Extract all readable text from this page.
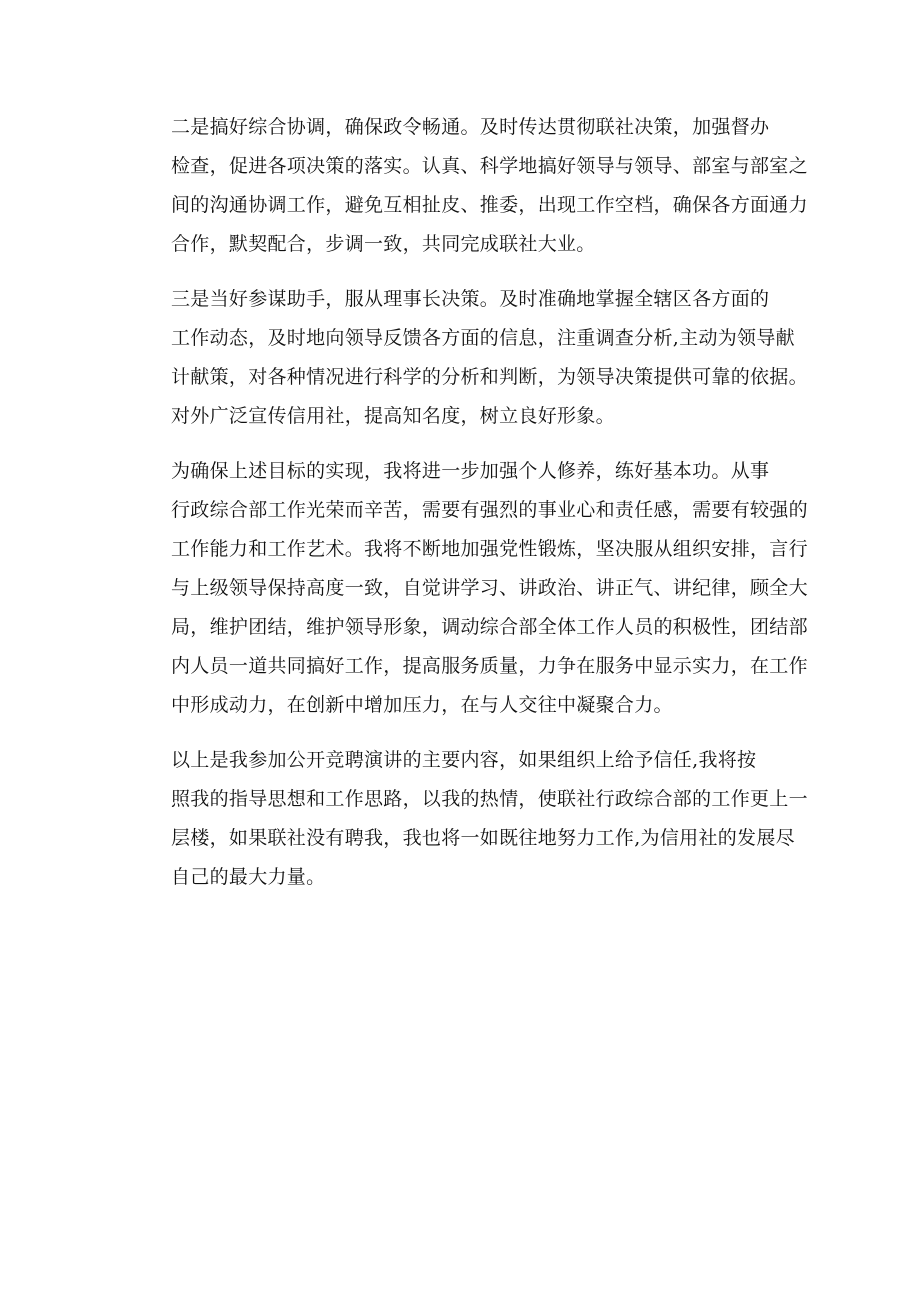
二是搞好综合协调，确保政令畅通。及时传达贯彻联社决策，加强督办
检查，促进各项决策的落实。认真、科学地搞好领导与领导、部室与部室之
间的沟通协调工作，避免互相扯皮、推委，出现工作空档，确保各方面通力
合作，默契配合，步调一致，共同完成联社大业。

三是当好参谋助手，服从理事长决策。及时准确地掌握全辖区各方面的
工作动态，及时地向领导反馈各方面的信息，注重调查分析,主动为领导献
计献策，对各种情况进行科学的分析和判断，为领导决策提供可靠的依据。
对外广泛宣传信用社，提高知名度，树立良好形象。

为确保上述目标的实现，我将进一步加强个人修养，练好基本功。从事
行政综合部工作光荣而辛苦，需要有强烈的事业心和责任感，需要有较强的
工作能力和工作艺术。我将不断地加强党性锻炼，坚决服从组织安排，言行
与上级领导保持高度一致，自觉讲学习、讲政治、讲正气、讲纪律，顾全大
局，维护团结，维护领导形象，调动综合部全体工作人员的积极性，团结部
内人员一道共同搞好工作，提高服务质量，力争在服务中显示实力，在工作
中形成动力，在创新中增加压力，在与人交往中凝聚合力。

以上是我参加公开竞聘演讲的主要内容，如果组织上给予信任,我将按
照我的指导思想和工作思路，以我的热情，使联社行政综合部的工作更上一
层楼，如果联社没有聘我，我也将一如既往地努力工作,为信用社的发展尽
自己的最大力量。
